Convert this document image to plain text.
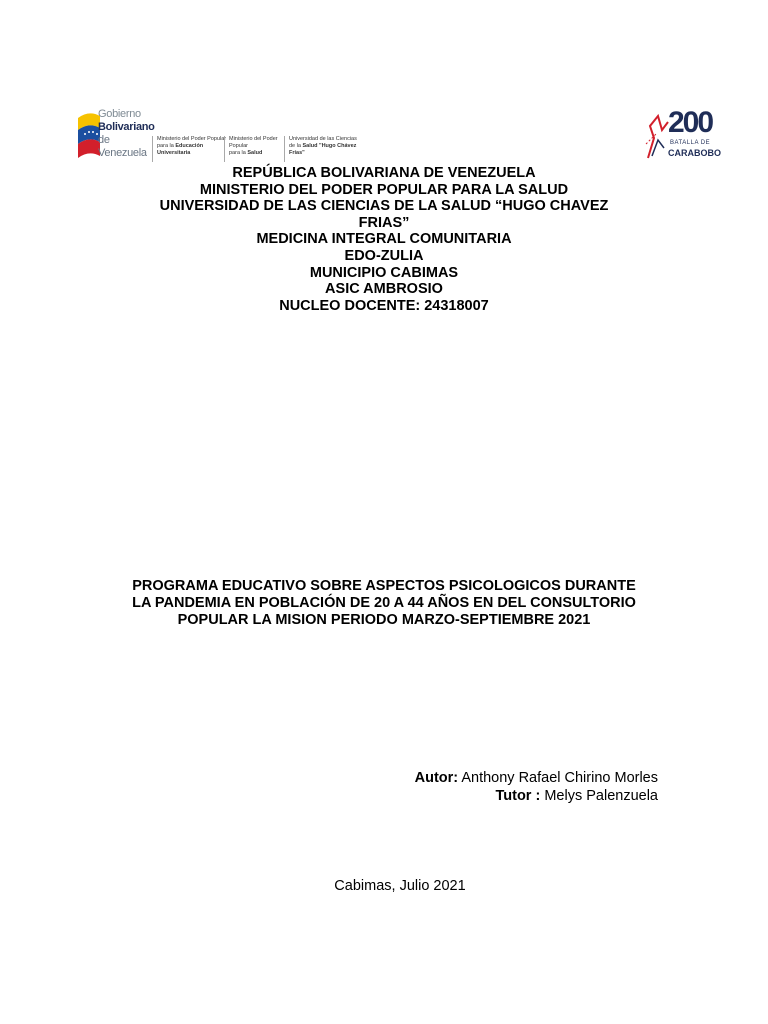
Gobierno
Bolivariano
de Venezuela
Ministerio del Poder Popular
para la Educación Universitaria
Ministerio del Poder Popular
para la Salud
Universidad de las Ciencias
de la Salud "Hugo Chávez Frías"
200
BATALLA DE
CARABOBO
REPÚBLICA BOLIVARIANA DE VENEZUELA
MINISTERIO DEL PODER POPULAR PARA LA SALUD
UNIVERSIDAD DE LAS CIENCIAS DE LA SALUD “HUGO CHAVEZ FRIAS”
MEDICINA INTEGRAL COMUNITARIA
EDO-ZULIA
MUNICIPIO CABIMAS
ASIC AMBROSIO
NUCLEO DOCENTE: 24318007
PROGRAMA EDUCATIVO SOBRE ASPECTOS PSICOLOGICOS DURANTE LA PANDEMIA EN POBLACIÓN DE 20 A 44 AÑOS EN DEL CONSULTORIO POPULAR LA MISION PERIODO MARZO-SEPTIEMBRE 2021
Autor: Anthony Rafael Chirino Morles
Tutor : Melys Palenzuela
Cabimas, Julio 2021
